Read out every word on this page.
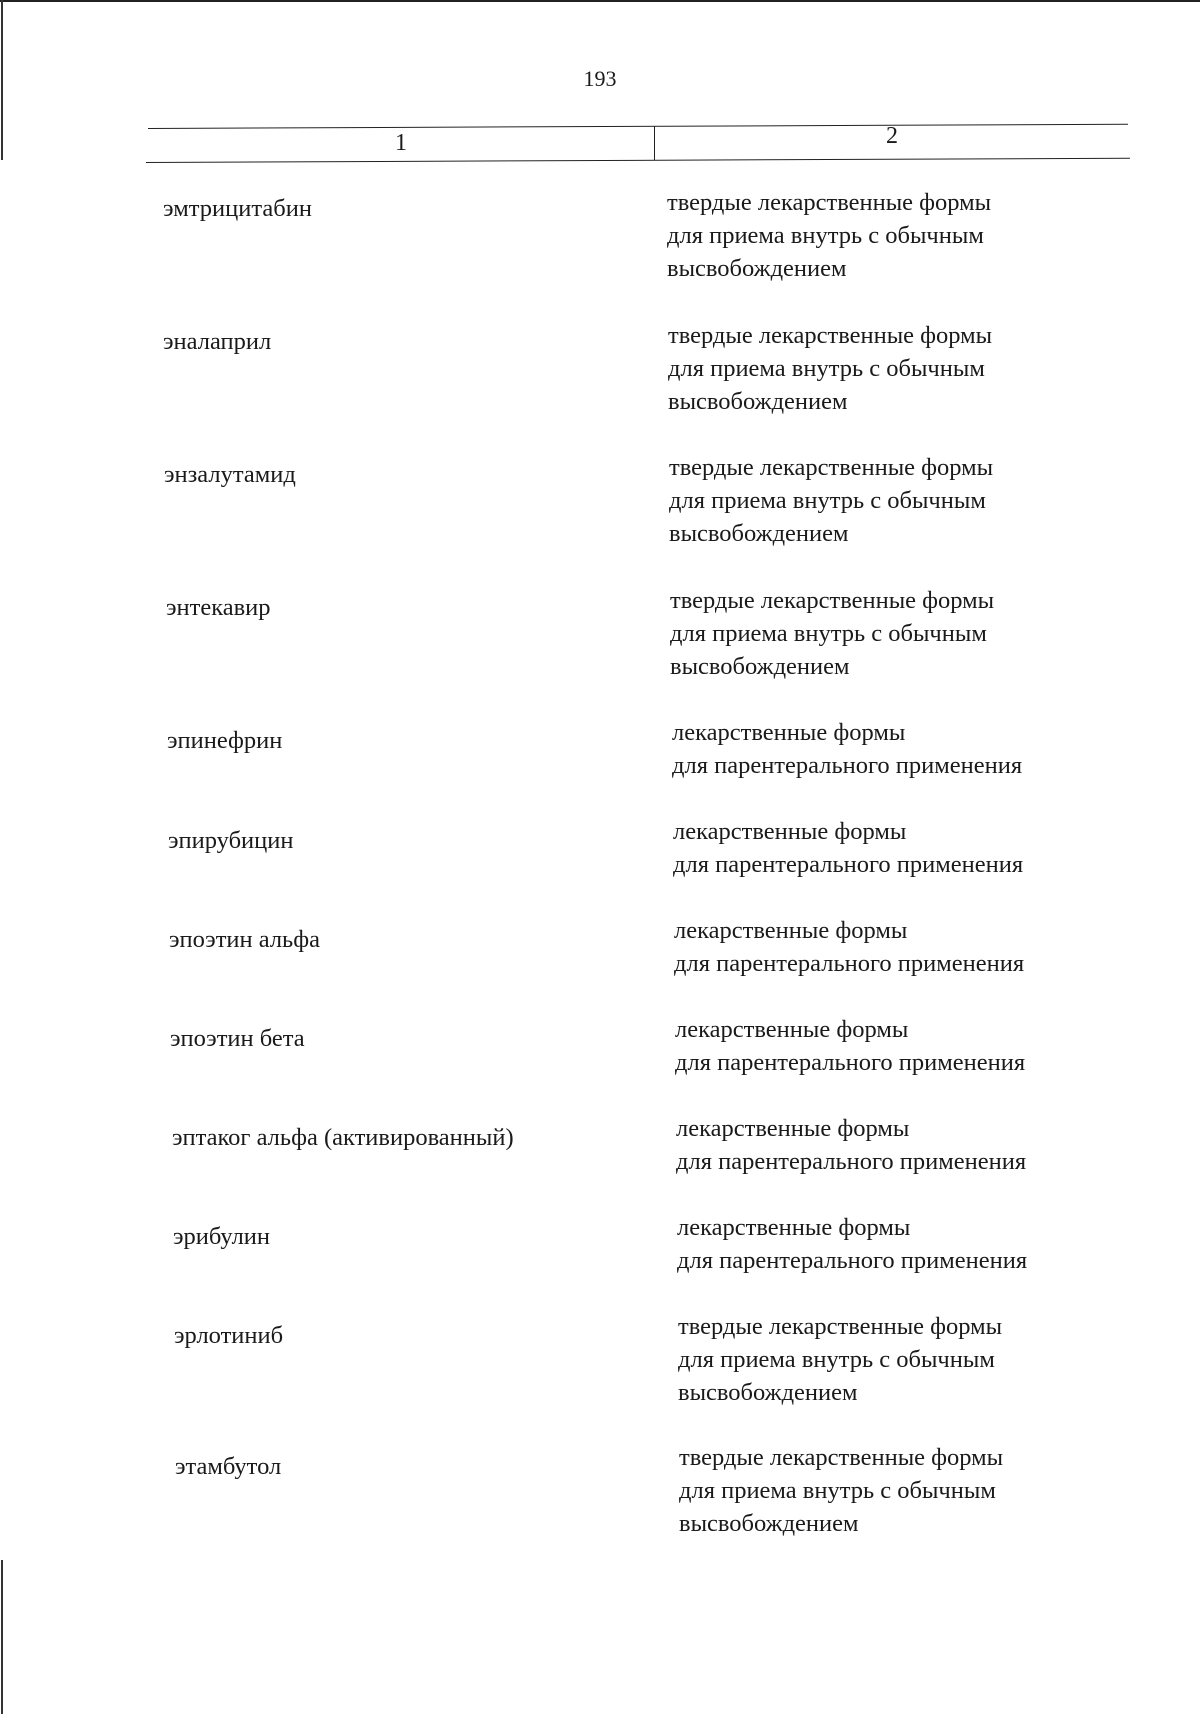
193
1	2
эмтрицитабин	твердые лекарственные формы
для приема внутрь с обычным
высвобождением
эналаприл	твердые лекарственные формы
для приема внутрь с обычным
высвобождением
энзалутамид	твердые лекарственные формы
для приема внутрь с обычным
высвобождением
энтекавир	твердые лекарственные формы
для приема внутрь с обычным
высвобождением
эпинефрин	лекарственные формы
для парентерального применения
эпирубицин	лекарственные формы
для парентерального применения
эпоэтин альфа	лекарственные формы
для парентерального применения
эпоэтин бета	лекарственные формы
для парентерального применения
эптаког альфа (активированный)	лекарственные формы
для парентерального применения
эрибулин	лекарственные формы
для парентерального применения
эрлотиниб	твердые лекарственные формы
для приема внутрь с обычным
высвобождением
этамбутол	твердые лекарственные формы
для приема внутрь с обычным
высвобождением
